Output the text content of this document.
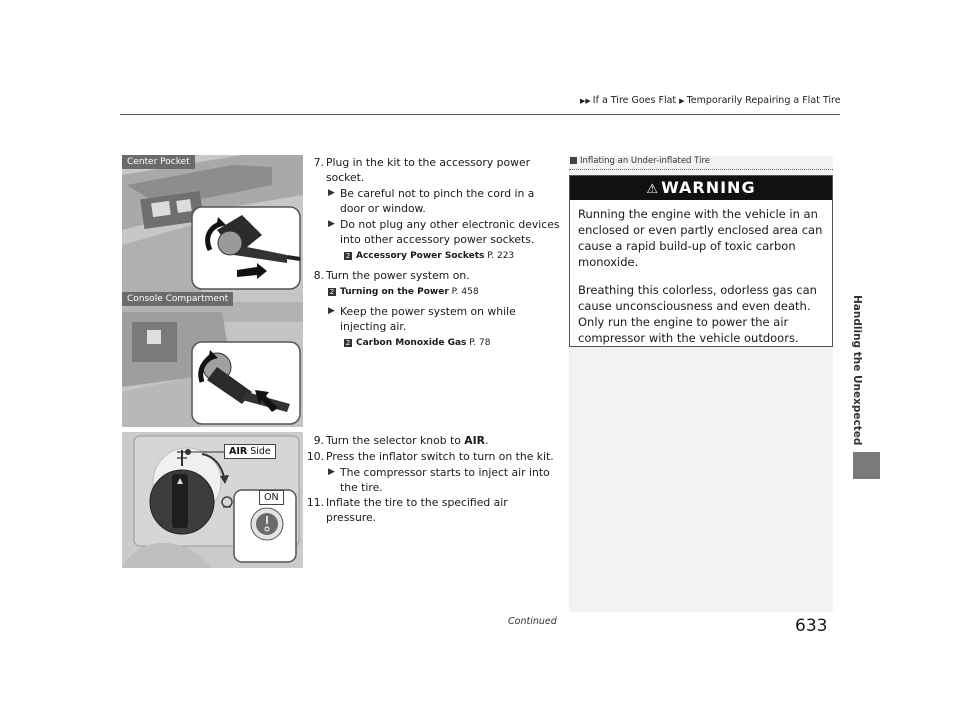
▶▶ If a Tire Goes Flat ▶ Temporarily Repairing a Flat Tire
Center Pocket
Console Compartment
AIR Side
ON
7. Plug in the kit to the accessory power socket.
▶ Be careful not to pinch the cord in a door or window.
▶ Do not plug any other electronic devices into other accessory power sockets.
2 Accessory Power Sockets P. 223
8. Turn the power system on.
2 Turning on the Power P. 458
▶ Keep the power system on while injecting air.
2 Carbon Monoxide Gas P. 78
9. Turn the selector knob to AIR.
10. Press the inflator switch to turn on the kit.
▶ The compressor starts to inject air into the tire.
11. Inflate the tire to the specified air pressure.
Inflating an Under-inflated Tire
⚠ WARNING

Running the engine with the vehicle in an enclosed or even partly enclosed area can cause a rapid build-up of toxic carbon monoxide.

Breathing this colorless, odorless gas can cause unconsciousness and even death. Only run the engine to power the air compressor with the vehicle outdoors.	Handling the Unexpected
Continued	633
